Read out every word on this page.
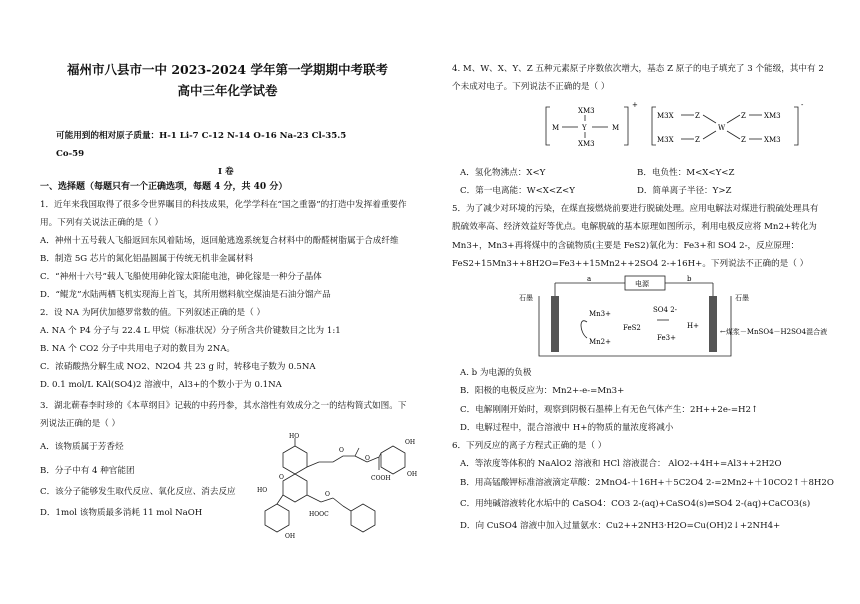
福州市八县市一中 2023-2024 学年第一学期期中考联考
高中三年化学试卷
可能用到的相对原子质量：H-1 Li-7 C-12 N-14 O-16 Na-23 Cl-35.5
Co-59
I 卷
一、选择题（每题只有一个正确选项，每题 4 分，共 40 分）
1．近年来我国取得了很多令世界瞩目的科技成果，化学学科在“国之重器”的打造中发挥着重要作
用。下列有关说法正确的是（ ）
A．神州十五号载人飞船返回东风着陆场，返回舱逃逸系统复合材料中的酚醛树脂属于合成纤维
B．制造 5G 芯片的氮化铝晶圆属于传统无机非金属材料
C．“神州十六号”载人飞船使用砷化镓太阳能电池，砷化镓是一种分子晶体
D．“鲲龙”水陆两栖飞机实现海上首飞，其所用燃料航空煤油是石油分馏产品
2．设 NA 为阿伏加德罗常数的值。下列叙述正确的是（ ）
A. NA 个 P4 分子与 22.4 L 甲烷（标准状况）分子所含共价键数目之比为 1:1
B. NA 个 CO2 分子中共用电子对的数目为 2NA。
C．浓硝酸热分解生成 NO2、N2O4 共 23 g 时，转移电子数为 0.5NA
D. 0.1 mol/L KAl(SO4)2 溶液中，Al3+的个数小于为 0.1NA
3．湖北蕲春李时珍的《本草纲目》记载的中药丹参，其水溶性有效成分之一的结构简式如图。下
列说法正确的是（ ）
A．该物质属于芳香烃
B．分子中有 4 种官能团
C．该分子能够发生取代反应、氧化反应、消去反应
D．1mol 该物质最多消耗 11 mol NaOH
HO
HO
OH
HOOC
OH
OH
O
O
O
COOH
O
4. M、W、X、Y、Z 五种元素原子序数依次增大，基态 Z 原子的电子填充了 3 个能级，其中有 2
个未成对电子。下列说法不正确的是（ ）
XM3
M	Y	M
XM3
+
M3X	Z	Z	XM3
W
M3X	Z	Z	XM3
-
A．氢化物沸点：X<Y	B．电负性：M<X<Y<Z
C．第一电离能：W<X<Z<Y	D．简单离子半径：Y>Z
5．为了减少对环境的污染，在煤直接燃烧前要进行脱硫处理。应用电解法对煤进行脱硫处理具有
脱硫效率高、经济效益好等优点。电解脱硫的基本原理如图所示，利用电极反应将 Mn2+转化为
Mn3+，Mn3+再将煤中的含硫物质(主要是 FeS2)氧化为：Fe3+和 SO4 2-，反应原理：
FeS2+15Mn3++8H2O=Fe3++15Mn2++2SO4 2-+16H+。下列说法不正确的是（ ）
a	b
电源
石墨	石墨
Mn3+
Mn2+
FeS2
SO4 2-
H+
Fe3+
←煤浆－MnSO4－H2SO4混合液
A. b 为电源的负极
B．阳极的电极反应为：Mn2+-e-=Mn3+
C．电解刚刚开始时，观察到阴极石墨棒上有无色气体产生：2H++2e-=H2↑
D．电解过程中，混合溶液中 H+的物质的量浓度将减小
6．下列反应的离子方程式正确的是（ ）
A．等浓度等体积的 NaAlO2 溶液和 HCl 溶液混合： AlO2-+4H+=Al3++2H2O
B．用高锰酸钾标准溶液滴定草酸：2MnO4-＋16H+＋5C2O4 2-=2Mn2+＋10CO2↑＋8H2O
C．用纯碱溶液转化水垢中的 CaSO4：CO3 2-(aq)+CaSO4(s)⇌SO4 2-(aq)+CaCO3(s)
D．向 CuSO4 溶液中加入过量氨水：Cu2++2NH3·H2O=Cu(OH)2↓+2NH4+
